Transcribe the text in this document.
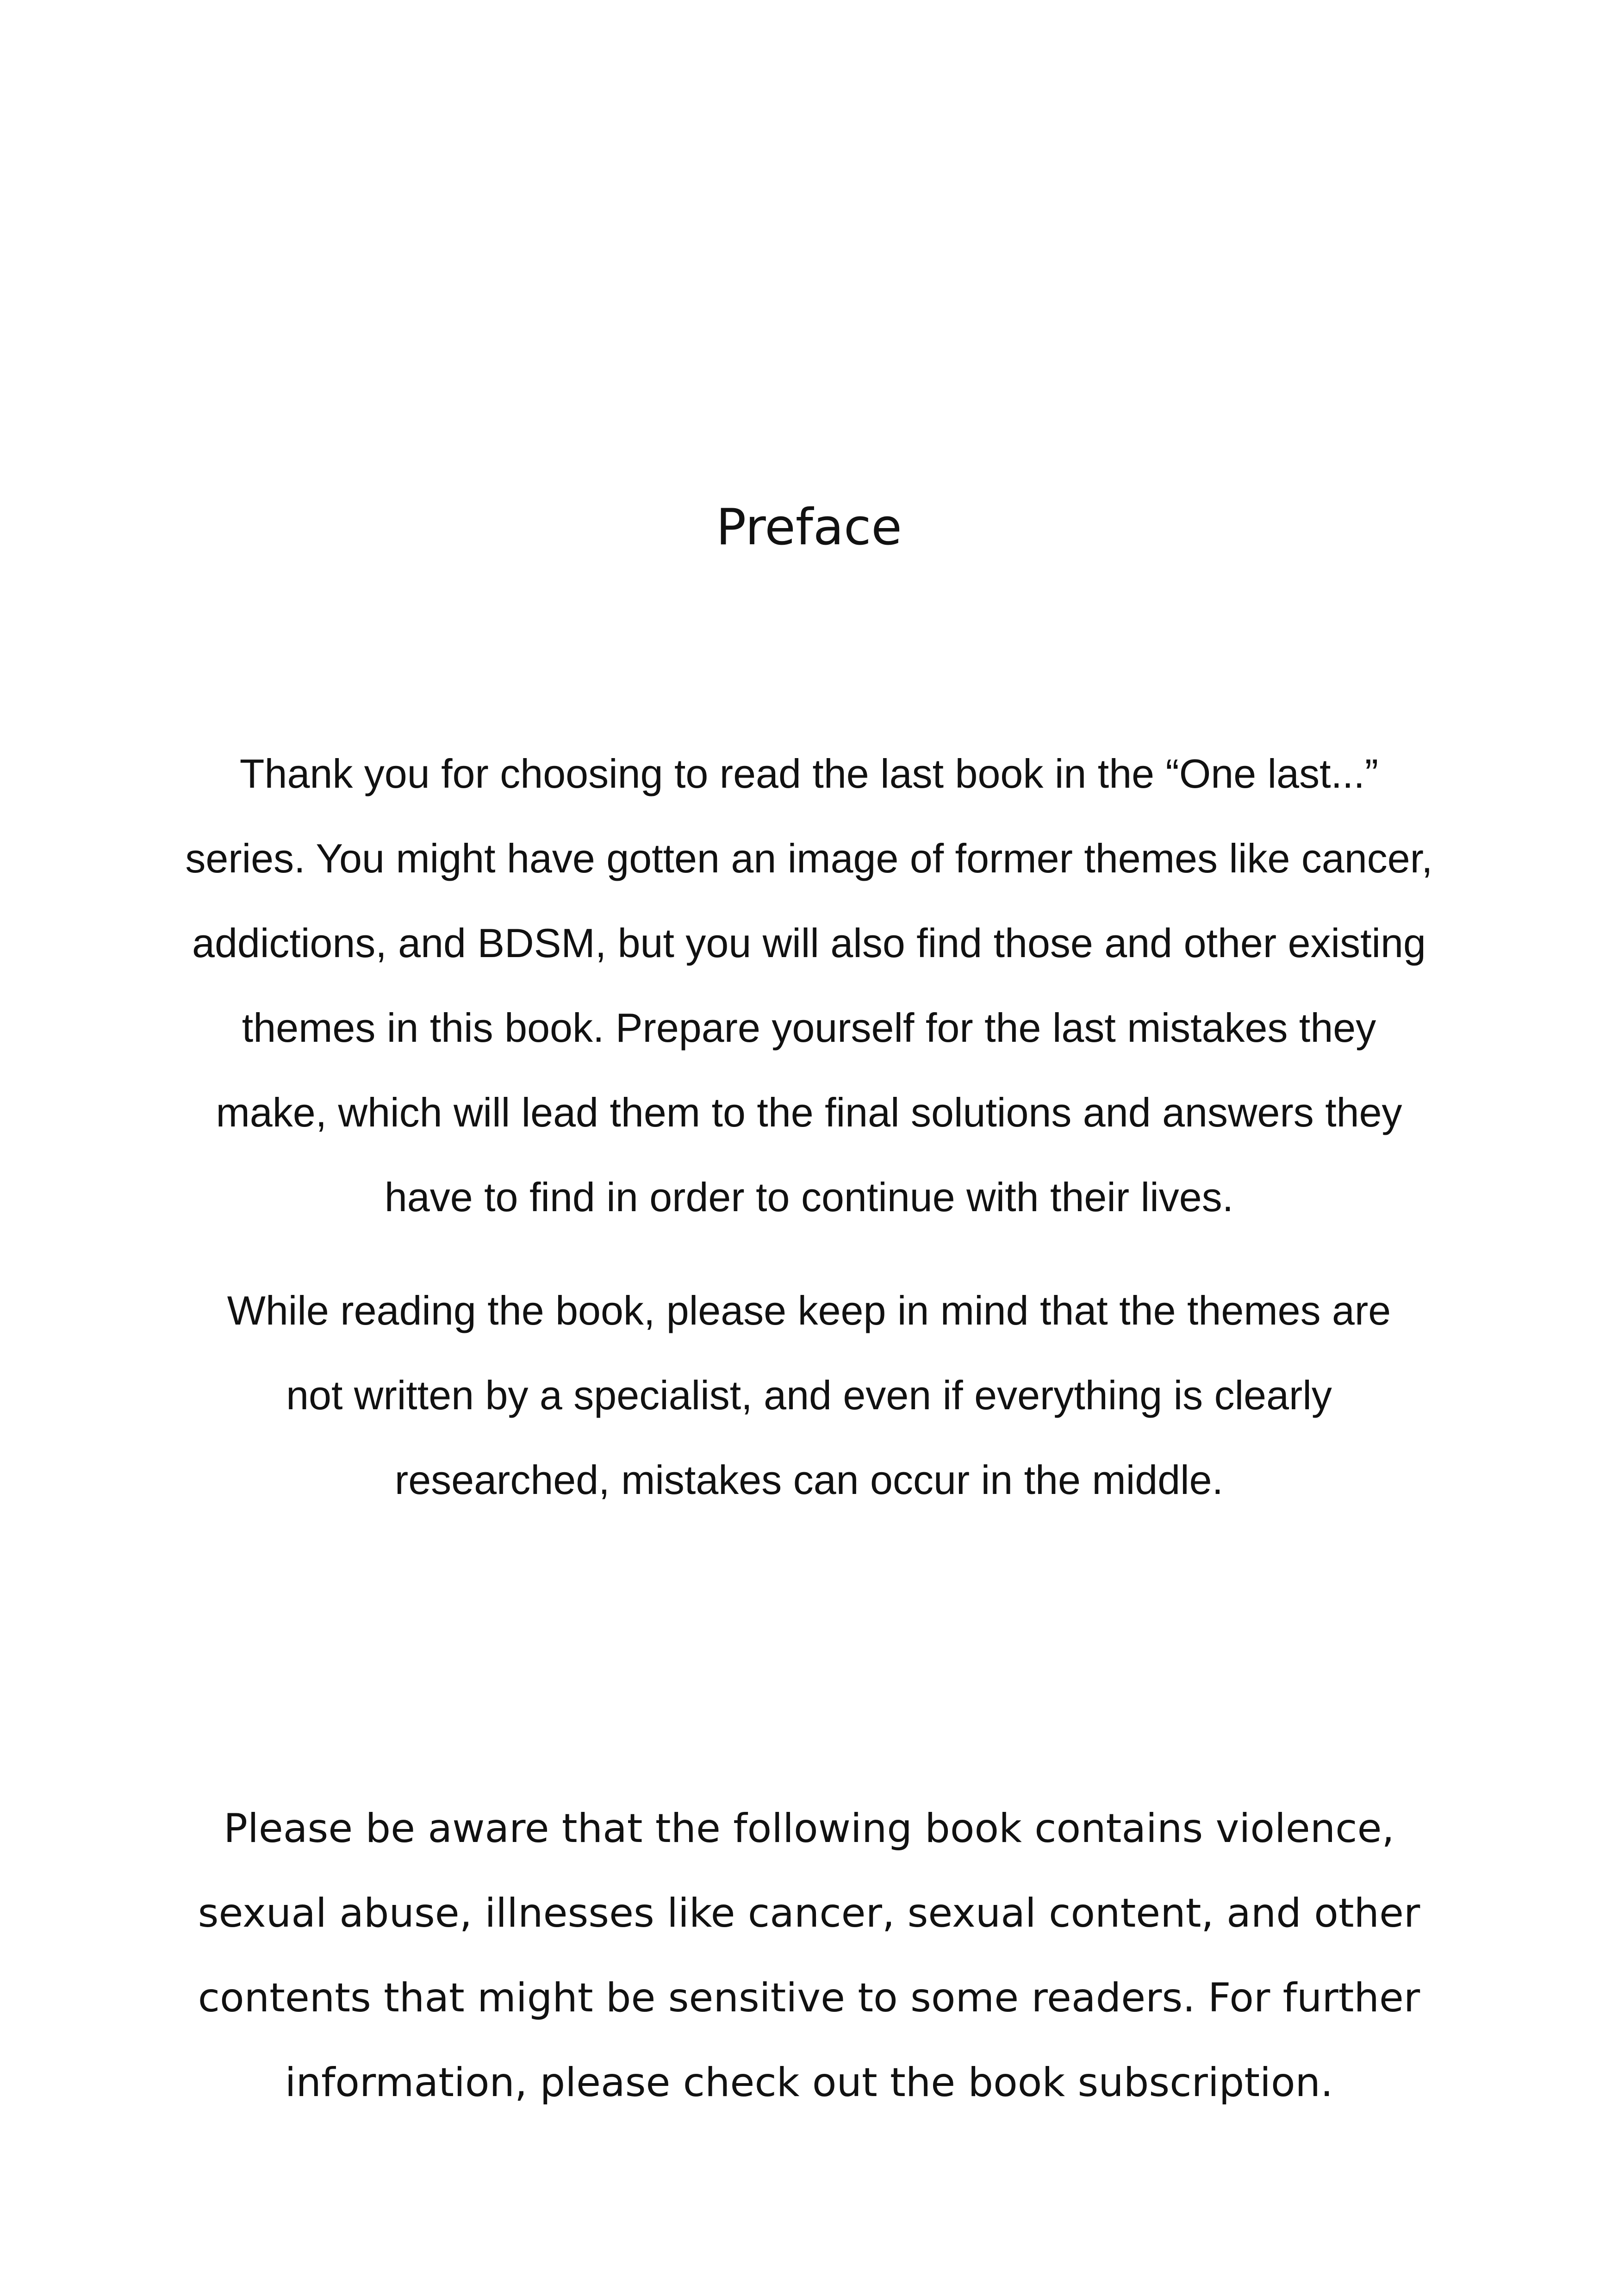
Preface

Thank you for choosing to read the last book in the “One last...”
series. You might have gotten an image of former themes like cancer,
addictions, and BDSM, but you will also find those and other existing
themes in this book. Prepare yourself for the last mistakes they
make, which will lead them to the final solutions and answers they
have to find in order to continue with their lives.

While reading the book, please keep in mind that the themes are
not written by a specialist, and even if everything is clearly
researched, mistakes can occur in the middle.

Please be aware that the following book contains violence,
sexual abuse, illnesses like cancer, sexual content, and other
contents that might be sensitive to some readers. For further
information, please check out the book subscription.
